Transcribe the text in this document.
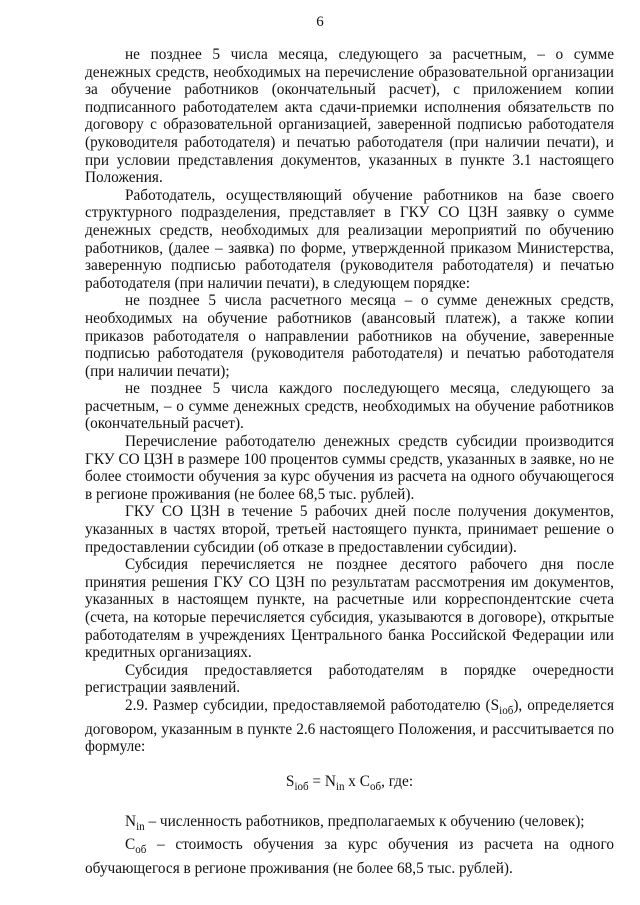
6

не позднее 5 числа месяца, следующего за расчетным, – о сумме денежных средств, необходимых на перечисление образовательной организации за обучение работников (окончательный расчет), с приложением копии подписанного работодателем акта сдачи-приемки исполнения обязательств по договору с образовательной организацией, заверенной подписью работодателя (руководителя работодателя) и печатью работодателя (при наличии печати), и при условии представления документов, указанных в пункте 3.1 настоящего Положения.

Работодатель, осуществляющий обучение работников на базе своего структурного подразделения, представляет в ГКУ СО ЦЗН заявку о сумме денежных средств, необходимых для реализации мероприятий по обучению работников, (далее – заявка) по форме, утвержденной приказом Министерства, заверенную подписью работодателя (руководителя работодателя) и печатью работодателя (при наличии печати), в следующем порядке:

не позднее 5 числа расчетного месяца – о сумме денежных средств, необходимых на обучение работников (авансовый платеж), а также копии приказов работодателя о направлении работников на обучение, заверенные подписью работодателя (руководителя работодателя) и печатью работодателя (при наличии печати);

не позднее 5 числа каждого последующего месяца, следующего за расчетным, – о сумме денежных средств, необходимых на обучение работников (окончательный расчет).

Перечисление работодателю денежных средств субсидии производится ГКУ СО ЦЗН в размере 100 процентов суммы средств, указанных в заявке, но не более стоимости обучения за курс обучения из расчета на одного обучающегося в регионе проживания (не более 68,5 тыс. рублей).

ГКУ СО ЦЗН в течение 5 рабочих дней после получения документов, указанных в частях второй, третьей настоящего пункта, принимает решение о предоставлении субсидии (об отказе в предоставлении субсидии).

Субсидия перечисляется не позднее десятого рабочего дня после принятия решения ГКУ СО ЦЗН по результатам рассмотрения им документов, указанных в настоящем пункте, на расчетные или корреспондентские счета (счета, на которые перечисляется субсидия, указываются в договоре), открытые работодателям в учреждениях Центрального банка Российской Федерации или кредитных организациях.

Субсидия предоставляется работодателям в порядке очередности регистрации заявлений.

2.9. Размер субсидии, предоставляемой работодателю $(S_{iоб})$, определяется договором, указанным в пункте 2.6 настоящего Положения, и рассчитывается по формуле:

$S_{iоб} = N_{in}$ x $C_{об}$, где:

$N_{in}$ – численность работников, предполагаемых к обучению (человек);

$C_{об}$ – стоимость обучения за курс обучения из расчета на одного обучающегося в регионе проживания (не более 68,5 тыс. рублей).
